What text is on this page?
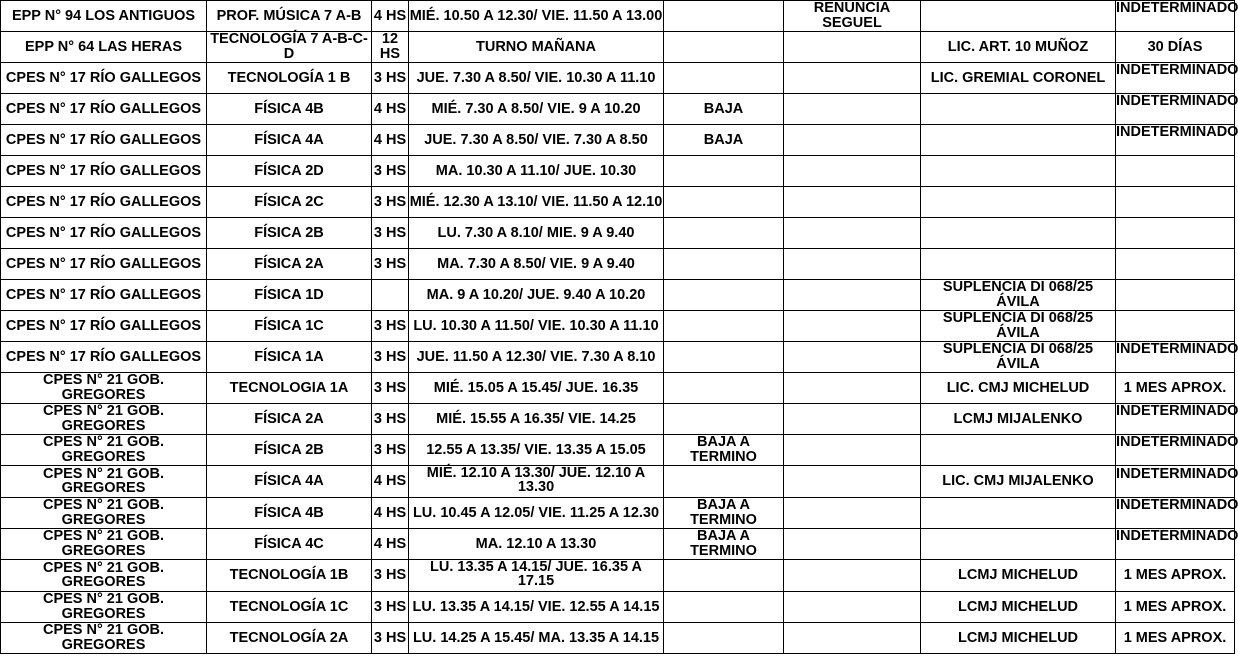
EPP N° 94 LOS ANTIGUOS	PROF. MÚSICA 7 A-B	4 HS	MIÉ. 10.50 A 12.30/ VIE. 11.50 A 13.00		RENUNCIA SEGUEL		INDETERMINADO

EPP N° 64 LAS HERAS	TECNOLOGÍA 7 A-B-C-D	12 HS	TURNO MAÑANA			LIC. ART. 10 MUÑOZ	30 DÍAS

CPES N° 17 RÍO GALLEGOS	TECNOLOGÍA 1 B	3 HS	JUE. 7.30 A 8.50/ VIE. 10.30 A 11.10			LIC. GREMIAL CORONEL	INDETERMINADO

CPES N° 17 RÍO GALLEGOS	FÍSICA 4B	4 HS	MIÉ. 7.30 A 8.50/ VIE. 9 A 10.20	BAJA			INDETERMINADO

CPES N° 17 RÍO GALLEGOS	FÍSICA 4A	4 HS	JUE. 7.30 A 8.50/ VIE. 7.30 A 8.50	BAJA			INDETERMINADO

CPES N° 17 RÍO GALLEGOS	FÍSICA 2D	3 HS	MA. 10.30 A 11.10/ JUE. 10.30				

CPES N° 17 RÍO GALLEGOS	FÍSICA 2C	3 HS	MIÉ. 12.30 A 13.10/ VIE. 11.50 A 12.10				

CPES N° 17 RÍO GALLEGOS	FÍSICA 2B	3 HS	LU. 7.30 A 8.10/ MIE. 9 A 9.40				

CPES N° 17 RÍO GALLEGOS	FÍSICA 2A	3 HS	MA. 7.30 A 8.50/ VIE. 9 A 9.40				

CPES N° 17 RÍO GALLEGOS	FÍSICA 1D		MA. 9 A 10.20/ JUE. 9.40 A 10.20			SUPLENCIA DI 068/25 ÁVILA	

CPES N° 17 RÍO GALLEGOS	FÍSICA 1C	3 HS	LU. 10.30 A 11.50/ VIE. 10.30 A 11.10			SUPLENCIA DI 068/25 ÁVILA	

CPES N° 17 RÍO GALLEGOS	FÍSICA 1A	3 HS	JUE. 11.50 A 12.30/ VIE. 7.30 A 8.10			SUPLENCIA DI 068/25 ÁVILA	INDETERMINADO

CPES N° 21 GOB. GREGORES	TECNOLOGIA 1A	3 HS	MIÉ. 15.05 A 15.45/ JUE. 16.35			LIC. CMJ MICHELUD	1 MES APROX.

CPES N° 21 GOB. GREGORES	FÍSICA 2A	3 HS	MIÉ. 15.55 A 16.35/ VIE. 14.25			LCMJ MIJALENKO	INDETERMINADO

CPES N° 21 GOB. GREGORES	FÍSICA 2B	3 HS	12.55 A 13.35/ VIE. 13.35 A 15.05	BAJA A TERMINO			INDETERMINADO

CPES N° 21 GOB. GREGORES	FÍSICA 4A	4 HS	MIÉ. 12.10 A 13.30/ JUE. 12.10 A 13.30			LIC. CMJ MIJALENKO	INDETERMINADO

CPES N° 21 GOB. GREGORES	FÍSICA 4B	4 HS	LU. 10.45 A 12.05/ VIE. 11.25 A 12.30	BAJA A TERMINO			INDETERMINADO

CPES N° 21 GOB. GREGORES	FÍSICA 4C	4 HS	MA. 12.10 A 13.30	BAJA A TERMINO			INDETERMINADO

CPES N° 21 GOB. GREGORES	TECNOLOGÍA 1B	3 HS	LU. 13.35 A 14.15/ JUE. 16.35 A 17.15			LCMJ MICHELUD	1 MES APROX.

CPES N° 21 GOB. GREGORES	TECNOLOGÍA 1C	3 HS	LU. 13.35 A 14.15/ VIE. 12.55 A 14.15			LCMJ MICHELUD	1 MES APROX.

CPES N° 21 GOB. GREGORES	TECNOLOGÍA 2A	3 HS	LU. 14.25 A 15.45/ MA. 13.35 A 14.15			LCMJ MICHELUD	1 MES APROX.
